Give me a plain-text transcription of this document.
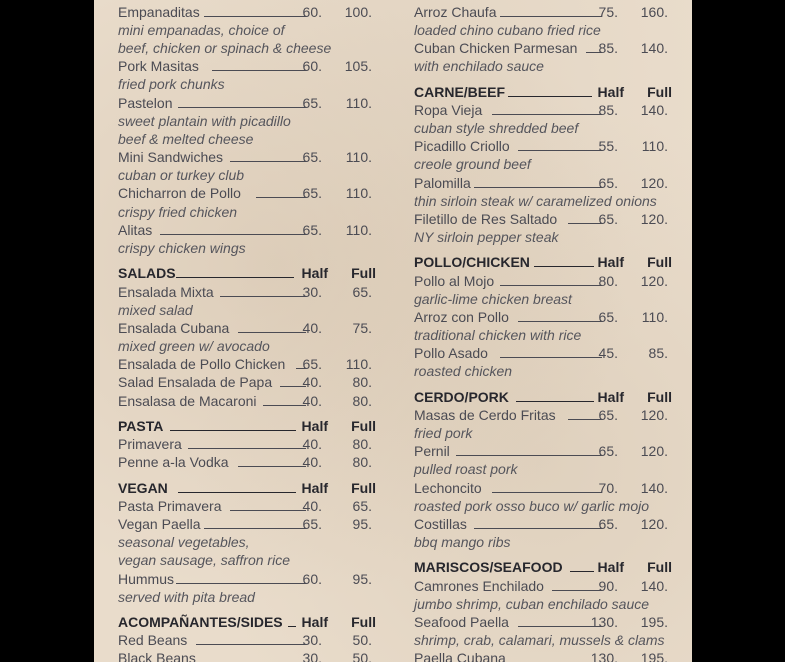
Empanaditas	60. 100.
mini empanadas, choice of
beef, chicken or spinach & cheese
Pork Masitas	60. 105.
fried pork chunks
Pastelon	65. 110.
sweet plantain with picadillo
beef & melted cheese
Mini Sandwiches	65. 110.
cuban or turkey club
Chicharron de Pollo	65. 110.
crispy fried chicken
Alitas	65. 110.
crispy chicken wings
SALADS	Half Full
Ensalada Mixta	30. 65.
mixed salad
Ensalada Cubana	40. 75.
mixed green w/ avocado
Ensalada de Pollo Chicken 65. 110.
Salad Ensalada de Papa 40. 80.
Ensalasa de Macaroni	40. 80.
PASTA	Half Full
Primavera	40. 80.
Penne a-la Vodka	40. 80.
VEGAN	Half Full
Pasta Primavera	40. 65.
Vegan Paella	65. 95.
seasonal vegetables,
vegan sausage, saffron rice
Hummus	60. 95.
served with pita bread
ACOMPAÑANTES/SIDES Half Full
Red Beans	30. 50.
Black Beans	30. 50.
Arroz Chaufa	75. 160.
loaded chino cubano fried rice
Cuban Chicken Parmesan 85. 140.
with enchilado sauce
CARNE/BEEF	Half Full
Ropa Vieja	85. 140.
cuban style shredded beef
Picadillo Criollo	55. 110.
creole ground beef
Palomilla	65. 120.
thin sirloin steak w/ caramelized onions
Filetillo de Res Saltado	65. 120.
NY sirloin pepper steak
POLLO/CHICKEN	Half Full
Pollo al Mojo	80. 120.
garlic-lime chicken breast
Arroz con Pollo	65. 110.
traditional chicken with rice
Pollo Asado	45. 85.
roasted chicken
CERDO/PORK	Half Full
Masas de Cerdo Fritas	65. 120.
fried pork
Pernil	65. 120.
pulled roast pork
Lechoncito	70. 140.
roasted pork osso buco w/ garlic mojo
Costillas	65. 120.
bbq mango ribs
MARISCOS/SEAFOOD Half Full
Camrones Enchilado	90. 140.
jumbo shrimp, cuban enchilado sauce
Seafood Paella	130. 195.
shrimp, crab, calamari, mussels & clams
Paella Cubana	130. 195.
